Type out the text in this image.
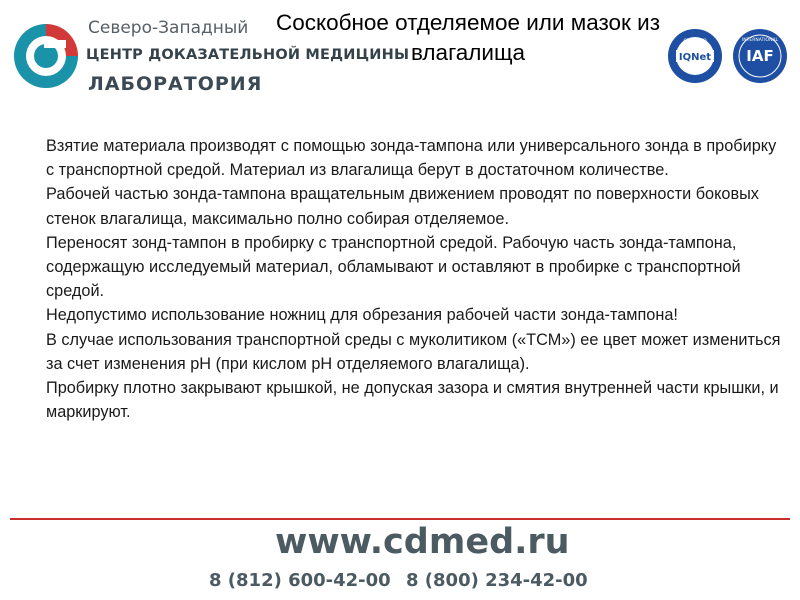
Северо-Западный
ЦЕНТР ДОКАЗАТЕЛЬНОЙ МЕДИЦИНЫ
ЛАБОРАТОРИЯ
Соскобное отделяемое или мазок из влагалища	IQNet
CERTIFIED
IAF
INTERNATIONAL

Взятие материала производят с помощью зонда-тампона или универсального зонда в пробирку с транспортной средой. Материал из влагалища берут в достаточном количестве.

Рабочей частью зонда-тампона вращательным движением проводят по поверхности боковых стенок влагалища, максимально полно собирая отделяемое.

Переносят зонд-тампон в пробирку с транспортной средой. Рабочую часть зонда-тампона, содержащую исследуемый материал, обламывают и оставляют в пробирке с транспортной средой.

Недопустимо использование ножниц для обрезания рабочей части зонда-тампона!

В случае использования транспортной среды с муколитиком («ТСМ») ее цвет может измениться за счет изменения рН (при кислом рН отделяемого влагалища).

Пробирку плотно закрывают крышкой, не допуская зазора и смятия внутренней части крышки, и маркируют.

www.cdmed.ru
8 (812) 600-42-00 8 (800) 234-42-00
